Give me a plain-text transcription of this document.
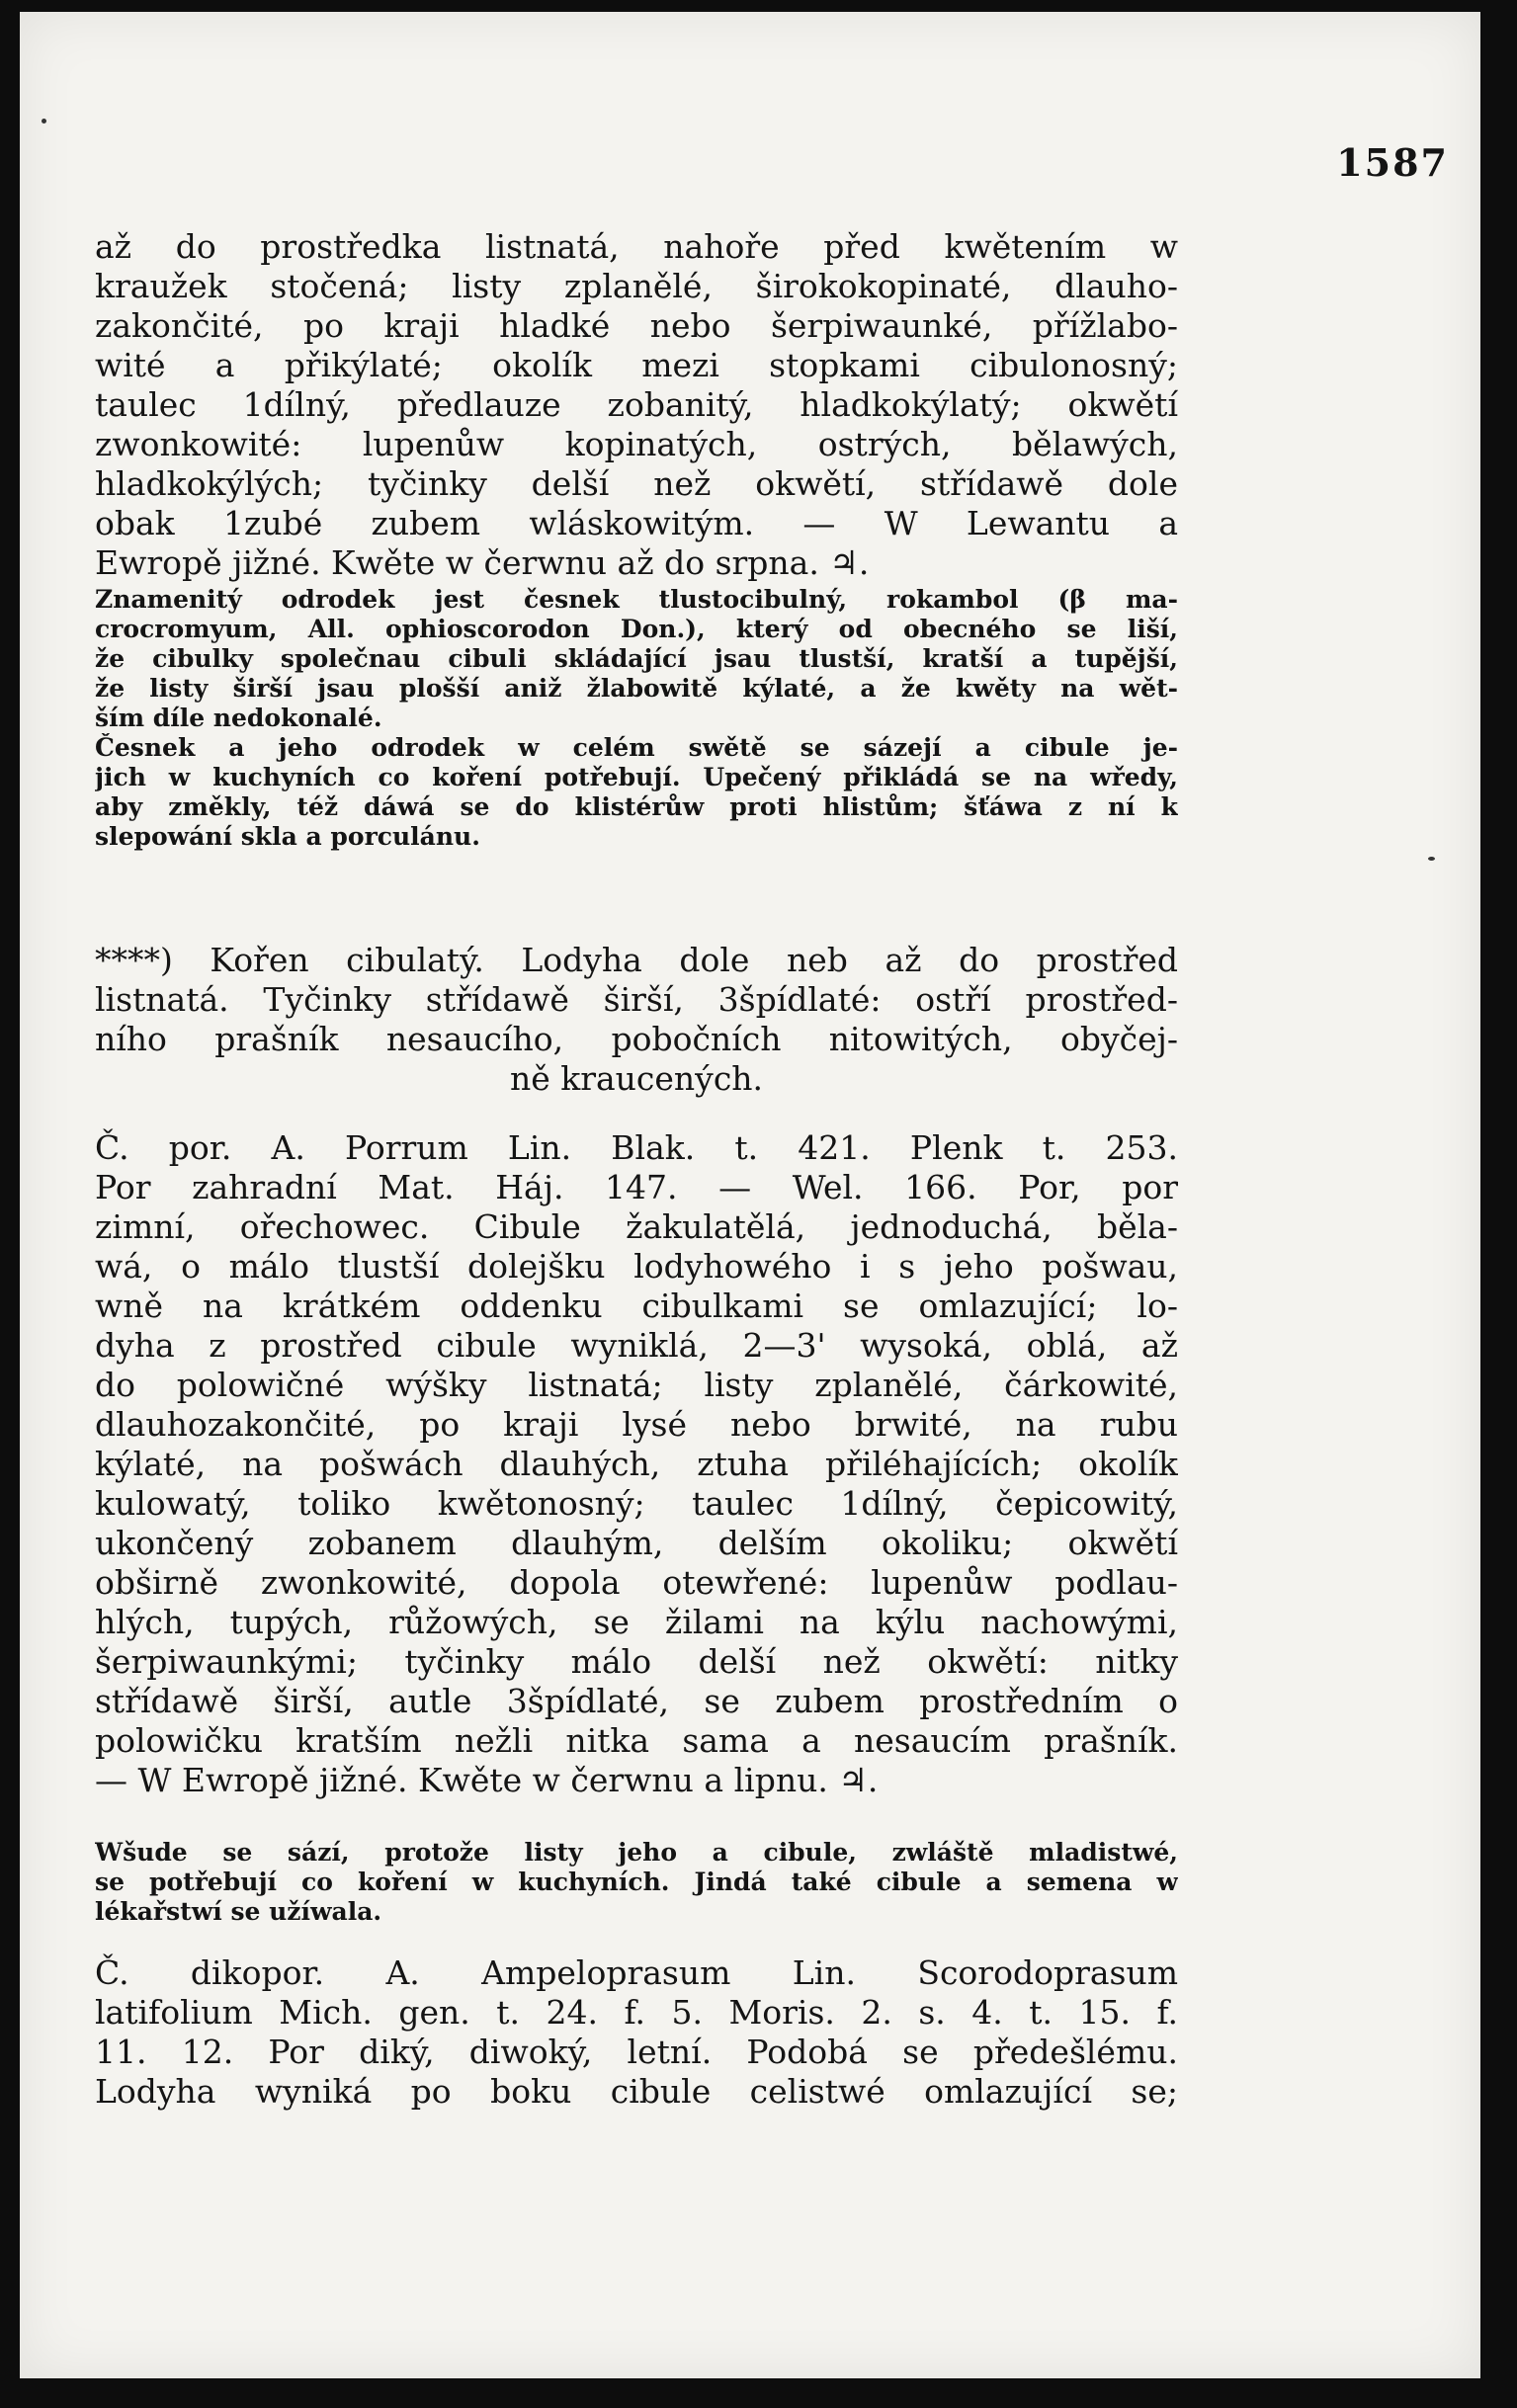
1587
až do prostředka listnatá, nahoře před kwětením w
kraužek stočená; listy zplanělé, širokokopinaté, dlauho-
zakončité, po kraji hladké nebo šerpiwaunké, přížlabo-
wité a přikýlaté; okolík mezi stopkami cibulonosný;
taulec 1dílný, předlauze zobanitý, hladkokýlatý; okwětí
zwonkowité: lupenůw kopinatých, ostrých, bělawých,
hladkokýlých; tyčinky delší než okwětí, střídawě dole
obak 1zubé zubem wláskowitým. — W Lewantu a
Ewropě jižné. Kwěte w čerwnu až do srpna. ♃.
Znamenitý odrodek jest česnek tlustocibulný, rokambol (β ma-
crocromyum, All. ophioscorodon Don.), který od obecného se liší,
že cibulky společnau cibuli skládající jsau tlustší, kratší a tupější,
že listy širší jsau plošší aniž žlabowitě kýlaté, a že kwěty na wět-
ším díle nedokonalé.
Česnek a jeho odrodek w celém swětě se sázejí a cibule je-
jich w kuchyních co koření potřebují. Upečený přikládá se na wředy,
aby změkly, též dáwá se do klistérůw proti hlistům; šťáwa z ní k
slepowání skla a porculánu.
****) Kořen cibulatý. Lodyha dole neb až do prostřed
listnatá. Tyčinky střídawě širší, 3špídlaté: ostří prostřed-
ního prašník nesaucího, pobočních nitowitých, obyčej-
ně kraucených.
Č. por. A. Porrum Lin. Blak. t. 421. Plenk t. 253.
Por zahradní Mat. Háj. 147. — Wel. 166. Por, por
zimní, ořechowec. Cibule žakulatělá, jednoduchá, běla-
wá, o málo tlustší dolejšku lodyhowého i s jeho pošwau,
wně na krátkém oddenku cibulkami se omlazující; lo-
dyha z prostřed cibule wyniklá, 2—3' wysoká, oblá, až
do polowičné wýšky listnatá; listy zplanělé, čárkowité,
dlauhozakončité, po kraji lysé nebo brwité, na rubu
kýlaté, na pošwách dlauhých, ztuha přiléhajících; okolík
kulowatý, toliko kwětonosný; taulec 1dílný, čepicowitý,
ukončený zobanem dlauhým, delším okoliku; okwětí
obširně zwonkowité, dopola otewřené: lupenůw podlau-
hlých, tupých, růžowých, se žilami na kýlu nachowými,
šerpiwaunkými; tyčinky málo delší než okwětí: nitky
střídawě širší, autle 3špídlaté, se zubem prostředním o
polowičku kratším nežli nitka sama a nesaucím prašník.
— W Ewropě jižné. Kwěte w čerwnu a lipnu. ♃.
Wšude se sází, protože listy jeho a cibule, zwláště mladistwé,
se potřebují co koření w kuchyních. Jindá také cibule a semena w
lékařstwí se užíwala.
Č. dikopor. A. Ampeloprasum Lin. Scorodoprasum
latifolium Mich. gen. t. 24. f. 5. Moris. 2. s. 4. t. 15. f.
11. 12. Por diký, diwoký, letní. Podobá se předešlému.
Lodyha wyniká po boku cibule celistwé omlazující se;
